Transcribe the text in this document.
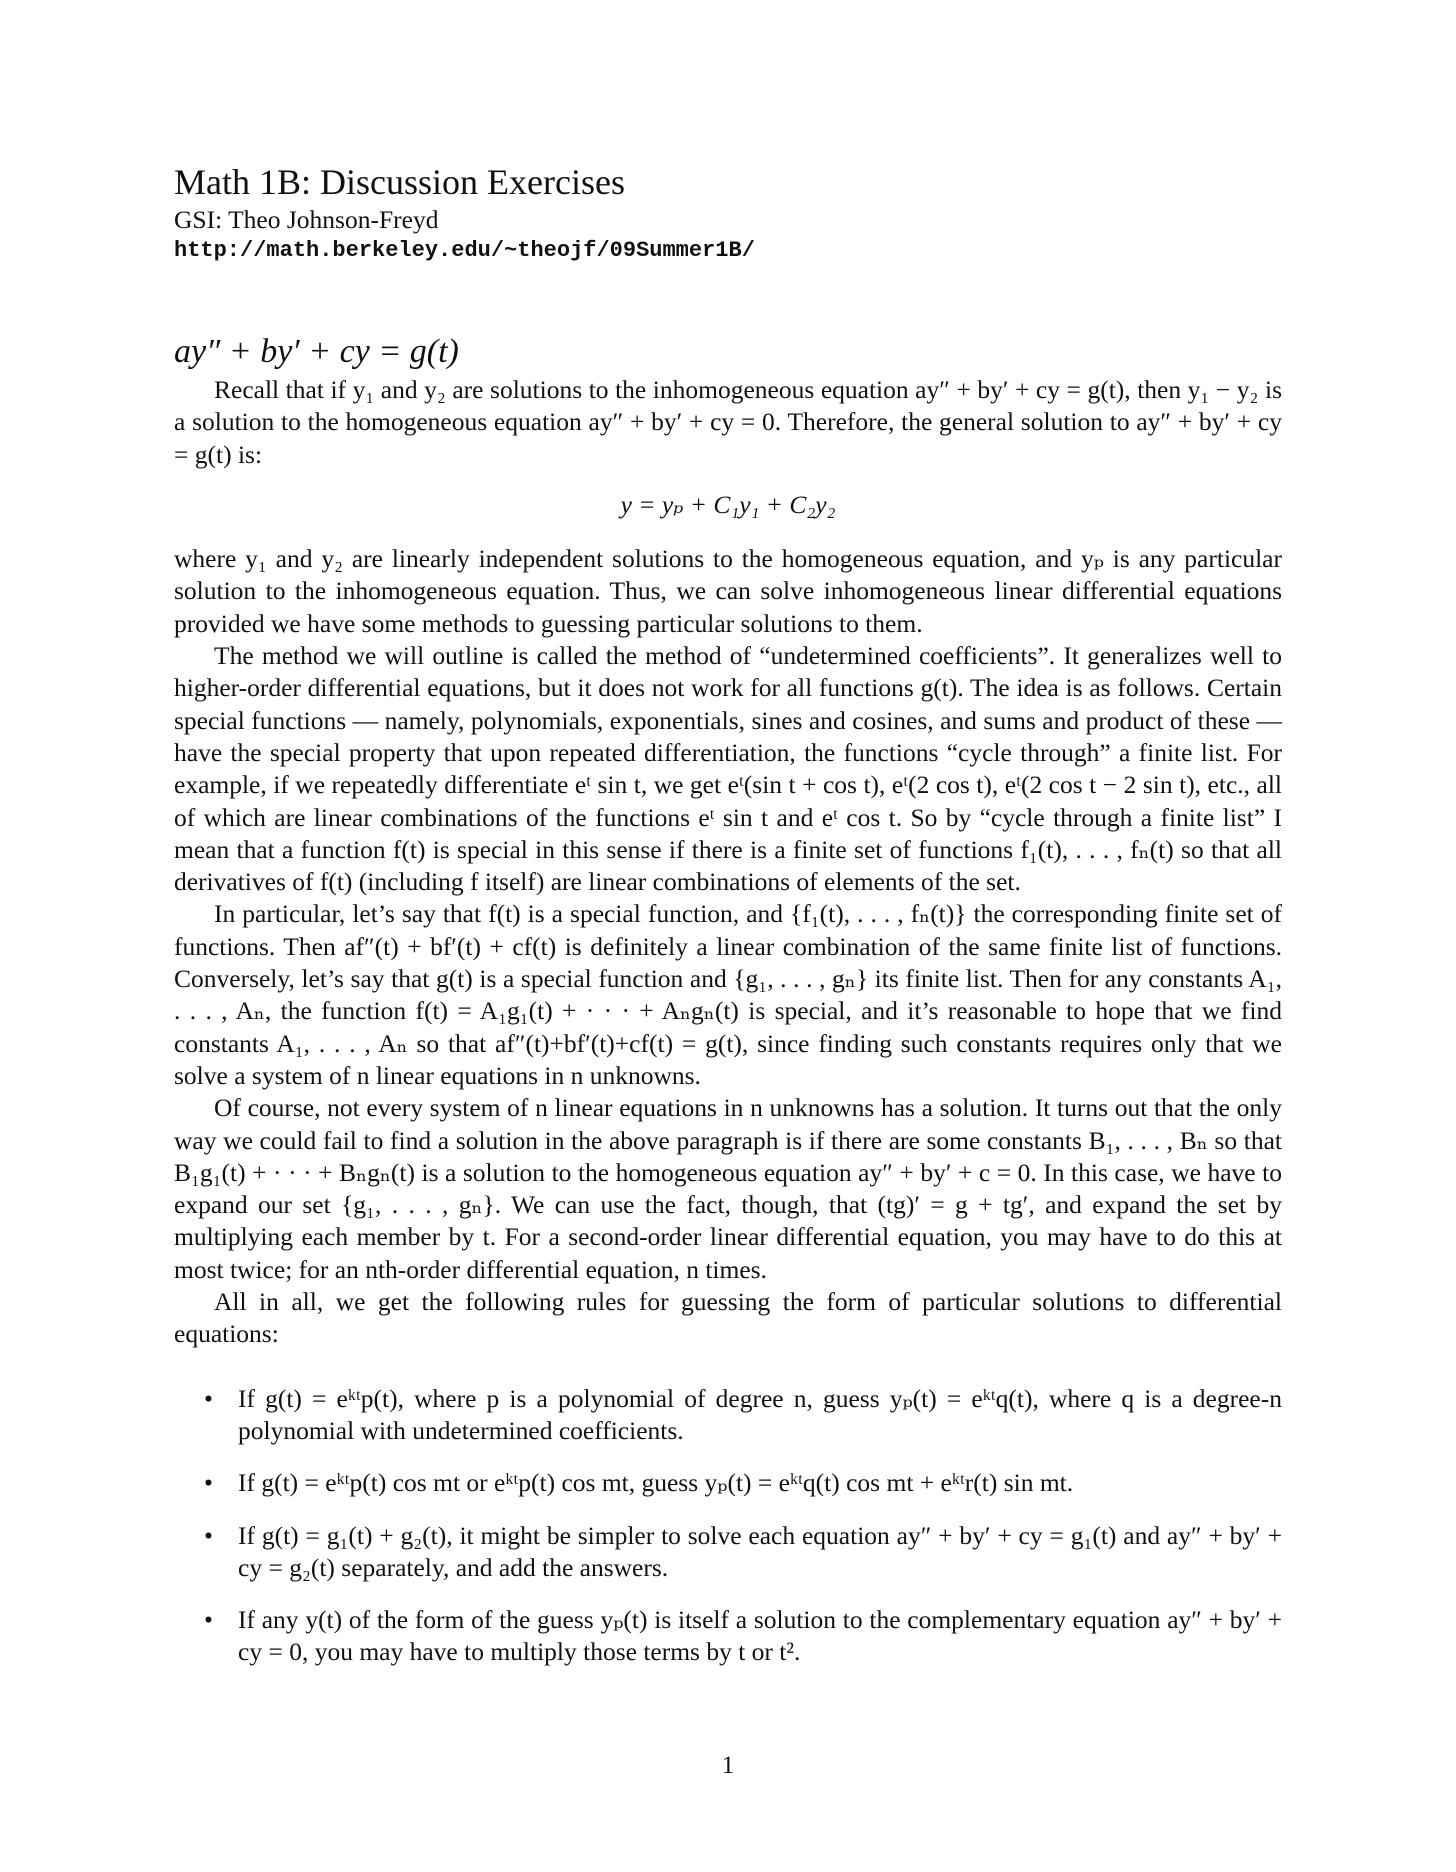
Math 1B: Discussion Exercises
GSI: Theo Johnson-Freyd
http://math.berkeley.edu/~theojf/09Summer1B/
ay″ + by′ + cy = g(t)

Recall that if y₁ and y₂ are solutions to the inhomogeneous equation ay″ + by′ + cy = g(t), then y₁ − y₂ is a solution to the homogeneous equation ay″ + by′ + cy = 0. Therefore, the general solution to ay″ + by′ + cy = g(t) is:

y = yₚ + C₁y₁ + C₂y₂

where y₁ and y₂ are linearly independent solutions to the homogeneous equation, and yₚ is any particular solution to the inhomogeneous equation. Thus, we can solve inhomogeneous linear differential equations provided we have some methods to guessing particular solutions to them.

The method we will outline is called the method of “undetermined coefficients”. It generalizes well to higher-order differential equations, but it does not work for all functions g(t). The idea is as follows. Certain special functions — namely, polynomials, exponentials, sines and cosines, and sums and product of these — have the special property that upon repeated differentiation, the functions “cycle through” a finite list. For example, if we repeatedly differentiate eᵗ sin t, we get eᵗ(sin t + cos t), eᵗ(2 cos t), eᵗ(2 cos t − 2 sin t), etc., all of which are linear combinations of the functions eᵗ sin t and eᵗ cos t. So by “cycle through a finite list” I mean that a function f(t) is special in this sense if there is a finite set of functions f₁(t), . . . , fₙ(t) so that all derivatives of f(t) (including f itself) are linear combinations of elements of the set.

In particular, let’s say that f(t) is a special function, and {f₁(t), . . . , fₙ(t)} the corresponding finite set of functions. Then af″(t) + bf′(t) + cf(t) is definitely a linear combination of the same finite list of functions. Conversely, let’s say that g(t) is a special function and {g₁, . . . , gₙ} its finite list. Then for any constants A₁, . . . , Aₙ, the function f(t) = A₁g₁(t) + · · · + Aₙgₙ(t) is special, and it’s reasonable to hope that we find constants A₁, . . . , Aₙ so that af″(t)+bf′(t)+cf(t) = g(t), since finding such constants requires only that we solve a system of n linear equations in n unknowns.

Of course, not every system of n linear equations in n unknowns has a solution. It turns out that the only way we could fail to find a solution in the above paragraph is if there are some constants B₁, . . . , Bₙ so that B₁g₁(t) + · · · + Bₙgₙ(t) is a solution to the homogeneous equation ay″ + by′ + c = 0. In this case, we have to expand our set {g₁, . . . , gₙ}. We can use the fact, though, that (tg)′ = g + tg′, and expand the set by multiplying each member by t. For a second-order linear differential equation, you may have to do this at most twice; for an nth-order differential equation, n times.

All in all, we get the following rules for guessing the form of particular solutions to differential equations:

• If g(t) = eᵏᵗp(t), where p is a polynomial of degree n, guess yₚ(t) = eᵏᵗq(t), where q is a degree-n polynomial with undetermined coefficients.
• If g(t) = eᵏᵗp(t) cos mt or eᵏᵗp(t) cos mt, guess yₚ(t) = eᵏᵗq(t) cos mt + eᵏᵗr(t) sin mt.
• If g(t) = g₁(t) + g₂(t), it might be simpler to solve each equation ay″ + by′ + cy = g₁(t) and ay″ + by′ + cy = g₂(t) separately, and add the answers.
• If any y(t) of the form of the guess yₚ(t) is itself a solution to the complementary equation ay″ + by′ + cy = 0, you may have to multiply those terms by t or t².
1
